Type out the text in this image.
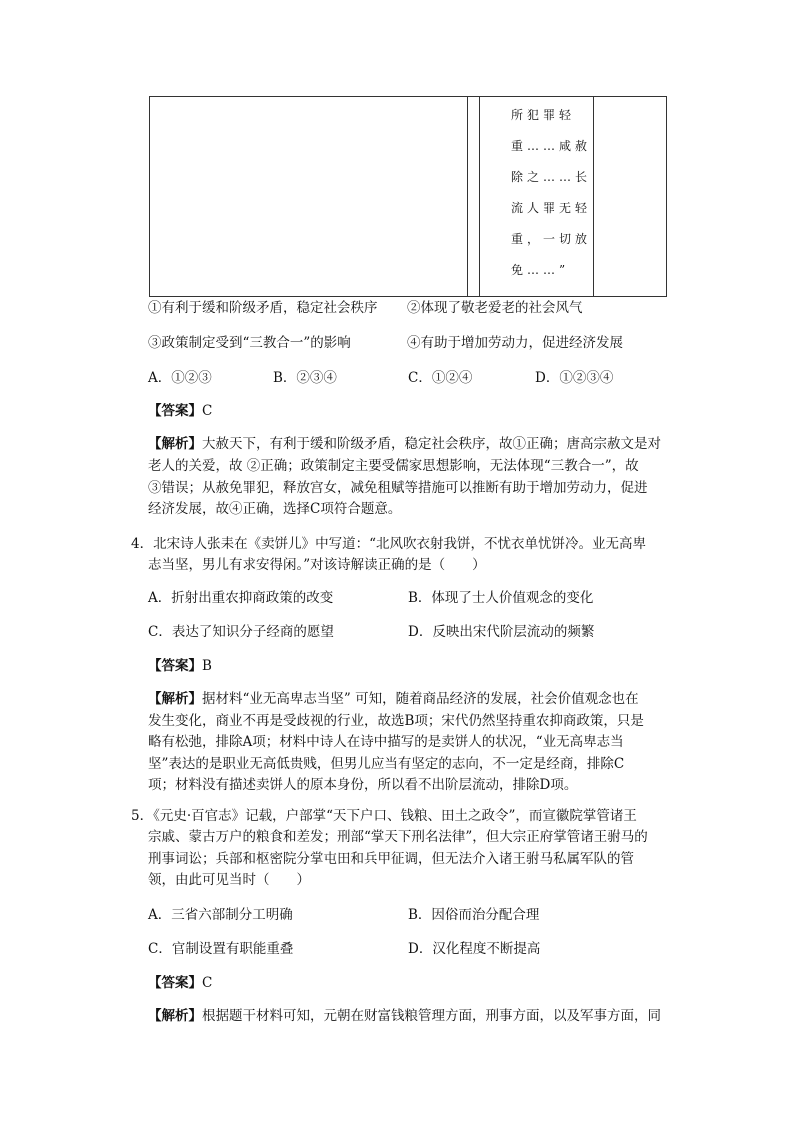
所犯罪轻
重……咸赦
除之……长
流人罪无轻
重，一切放
免……”
①有利于缓和阶级矛盾，稳定社会秩序 ②体现了敬老爱老的社会风气
③政策制定受到“三教合一”的影响	④有助于增加劳动力，促进经济发展
A．①②③	B．②③④	C．①②④	D．①②③④
【答案】C
【解析】大赦天下，有利于缓和阶级矛盾，稳定社会秩序，故①正确；唐高宗赦文是对
老人的关爱，故 ②正确；政策制定主要受儒家思想影响，无法体现“三教合一”，故
③错误；从赦免罪犯，释放宫女，减免租赋等措施可以推断有助于增加劳动力，促进
经济发展，故④正确，选择C项符合题意。
4．北宋诗人张耒在《卖饼儿》中写道：“北风吹衣射我饼，不忧衣单忧饼冷。业无高卑
志当坚，男儿有求安得闲。”对该诗解读正确的是（　　）
A．折射出重农抑商政策的改变	B．体现了士人价值观念的变化
C．表达了知识分子经商的愿望	D．反映出宋代阶层流动的频繁
【答案】B
【解析】据材料“业无高卑志当坚” 可知，随着商品经济的发展，社会价值观念也在
发生变化，商业不再是受歧视的行业，故选B项；宋代仍然坚持重农抑商政策，只是
略有松弛，排除A项；材料中诗人在诗中描写的是卖饼人的状况，“业无高卑志当
坚”表达的是职业无高低贵贱，但男儿应当有坚定的志向，不一定是经商，排除C
项；材料没有描述卖饼人的原本身份，所以看不出阶层流动，排除D项。
5．《元史·百官志》记载，户部掌“天下户口、钱粮、田土之政令”，而宣徽院掌管诸王
宗戚、蒙古万户的粮食和差发；刑部“掌天下刑名法律”，但大宗正府掌管诸王驸马的
刑事词讼；兵部和枢密院分掌屯田和兵甲征调，但无法介入诸王驸马私属军队的管
领，由此可见当时（　　）
A．三省六部制分工明确	B．因俗而治分配合理
C．官制设置有职能重叠	D．汉化程度不断提高
【答案】C
【解析】根据题干材料可知，元朝在财富钱粮管理方面，刑事方面，以及军事方面，同
